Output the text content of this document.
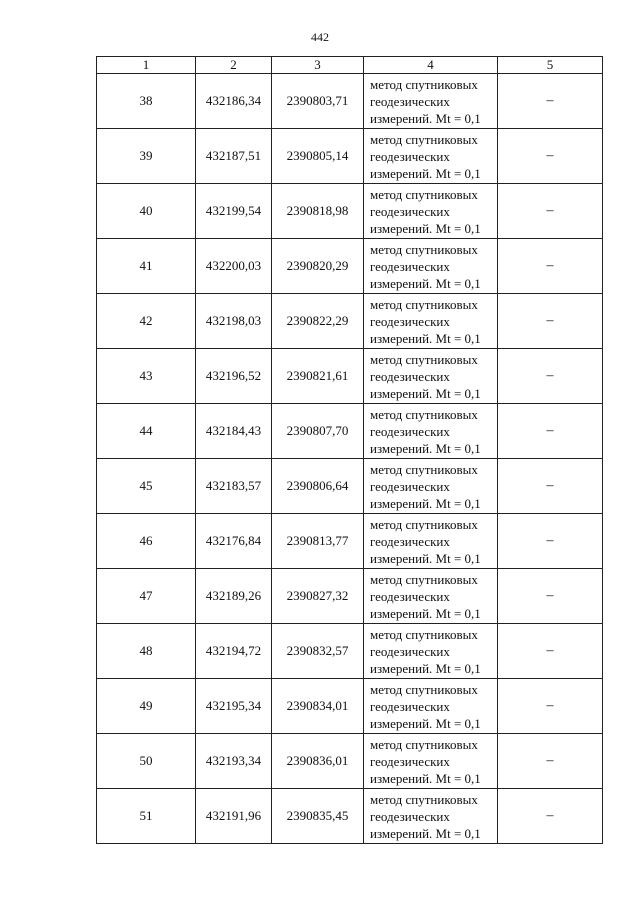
442
1	2	3	4	5
38	432186,34	2390803,71	метод спутниковых
геодезических
измерений. Mt = 0,1	–
39	432187,51	2390805,14	метод спутниковых
геодезических
измерений. Mt = 0,1	–
40	432199,54	2390818,98	метод спутниковых
геодезических
измерений. Mt = 0,1	–
41	432200,03	2390820,29	метод спутниковых
геодезических
измерений. Mt = 0,1	–
42	432198,03	2390822,29	метод спутниковых
геодезических
измерений. Mt = 0,1	–
43	432196,52	2390821,61	метод спутниковых
геодезических
измерений. Mt = 0,1	–
44	432184,43	2390807,70	метод спутниковых
геодезических
измерений. Mt = 0,1	–
45	432183,57	2390806,64	метод спутниковых
геодезических
измерений. Mt = 0,1	–
46	432176,84	2390813,77	метод спутниковых
геодезических
измерений. Mt = 0,1	–
47	432189,26	2390827,32	метод спутниковых
геодезических
измерений. Mt = 0,1	–
48	432194,72	2390832,57	метод спутниковых
геодезических
измерений. Mt = 0,1	–
49	432195,34	2390834,01	метод спутниковых
геодезических
измерений. Mt = 0,1	–
50	432193,34	2390836,01	метод спутниковых
геодезических
измерений. Mt = 0,1	–
51	432191,96	2390835,45	метод спутниковых
геодезических
измерений. Mt = 0,1	–
